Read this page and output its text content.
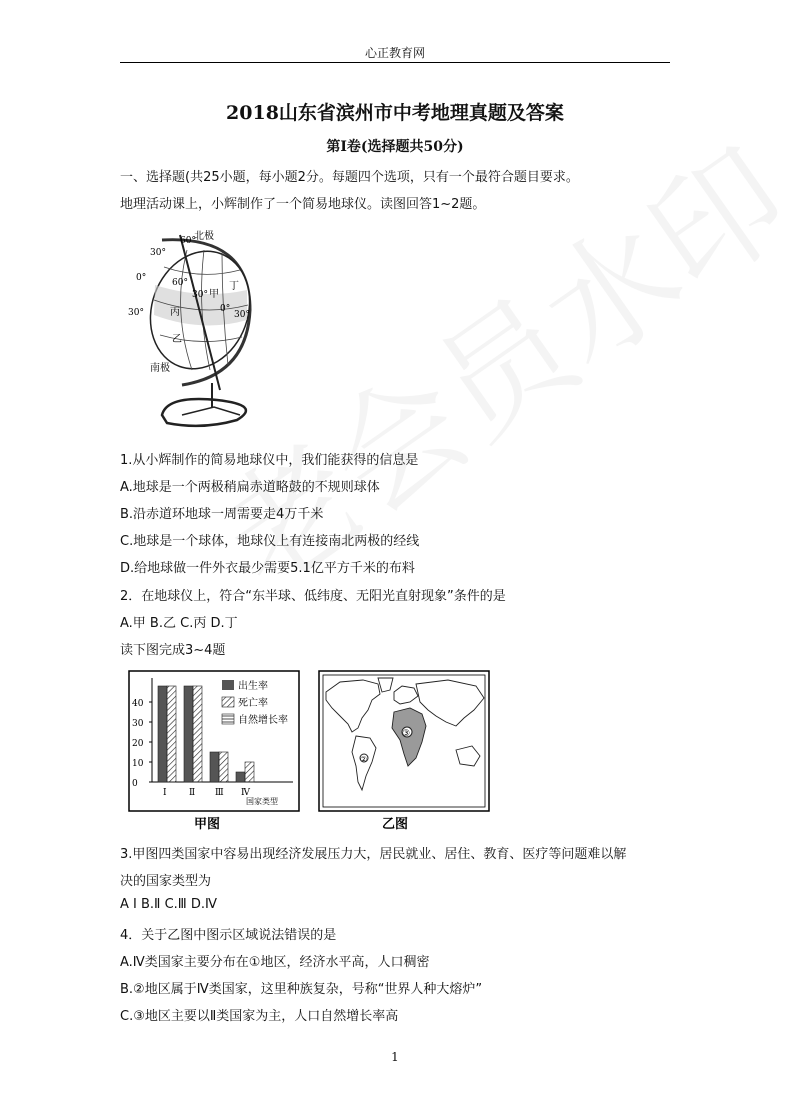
心正教育网
2018山东省滨州市中考地理真题及答案
第Ⅰ卷(选择题共50分)
一、选择题(共25小题，每小题2分。每题四个选项，只有一个最符合题目要求。
地理活动课上，小辉制作了一个简易地球仪。读图回答1~2题。
北极
60°
30°
0°	60°
30°
30°
0°
30°
甲
丁
丙
乙
南极
1.从小辉制作的简易地球仪中，我们能获得的信息是
A.地球是一个两极稍扁赤道略鼓的不规则球体
B.沿赤道环地球一周需要走4万千米
C.地球是一个球体，地球仪上有连接南北两极的经线
D.给地球做一件外衣最少需要5.1亿平方千米的布料
2．在地球仪上，符合“东半球、低纬度、无阳光直射现象”条件的是
A.甲 B.乙 C.丙 D.丁
读下图完成3~4题
0
10
20
30
40
Ⅰ Ⅱ Ⅲ Ⅳ
出生率
死亡率
自然增长率
国家类型
甲图
③
②
乙图
3.甲图四类国家中容易出现经济发展压力大，居民就业、居住、教育、医疗等问题难以解
决的国家类型为
A Ⅰ B.Ⅱ C.Ⅲ D.Ⅳ
4．关于乙图中图示区域说法错误的是
A.Ⅳ类国家主要分布在①地区，经济水平高，人口稠密
B.②地区属于Ⅳ类国家，这里种族复杂，号称“世界人种大熔炉”
C.③地区主要以Ⅱ类国家为主，人口自然增长率高
1
